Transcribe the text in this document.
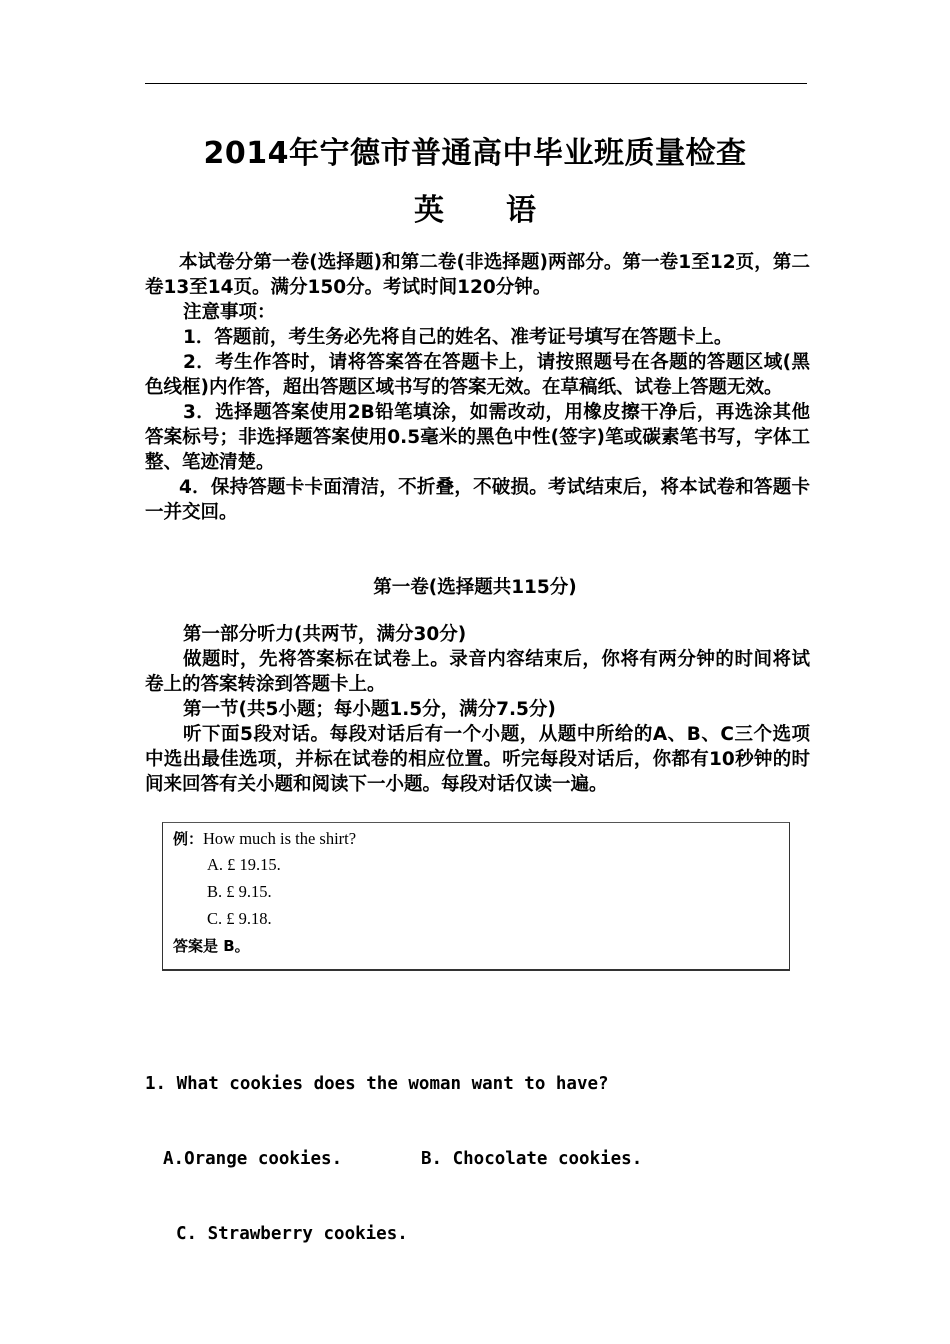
2014年宁德市普通高中毕业班质量检查
英语

本试卷分第一卷(选择题)和第二卷(非选择题)两部分。第一卷1至12页，第二卷13至14页。满分150分。考试时间120分钟。

注意事项：

1．答题前，考生务必先将自己的姓名、准考证号填写在答题卡上。

2．考生作答时，请将答案答在答题卡上，请按照题号在各题的答题区域(黑色线框)内作答，超出答题区域书写的答案无效。在草稿纸、试卷上答题无效。

3．选择题答案使用2B铅笔填涂，如需改动，用橡皮擦干净后，再选涂其他答案标号；非选择题答案使用0.5毫米的黑色中性(签字)笔或碳素笔书写，字体工整、笔迹清楚。

4．保持答题卡卡面清洁，不折叠，不破损。考试结束后，将本试卷和答题卡一并交回。

第一卷(选择题共115分)

第一部分听力(共两节，满分30分)

做题时，先将答案标在试卷上。录音内容结束后，你将有两分钟的时间将试卷上的答案转涂到答题卡上。

第一节(共5小题；每小题1.5分，满分7.5分)

听下面5段对话。每段对话后有一个小题，从题中所给的A、B、C三个选项中选出最佳选项，并标在试卷的相应位置。听完每段对话后，你都有10秒钟的时间来回答有关小题和阅读下一小题。每段对话仅读一遍。

例：How much is the shirt?
A. £ 19.15.
B. £ 9.15.
C. £ 9.18.
答案是 B。

1. What cookies does the woman want to have?

A.Orange cookies.

	B. Chocolate cookies.

C. Strawberry cookies.
